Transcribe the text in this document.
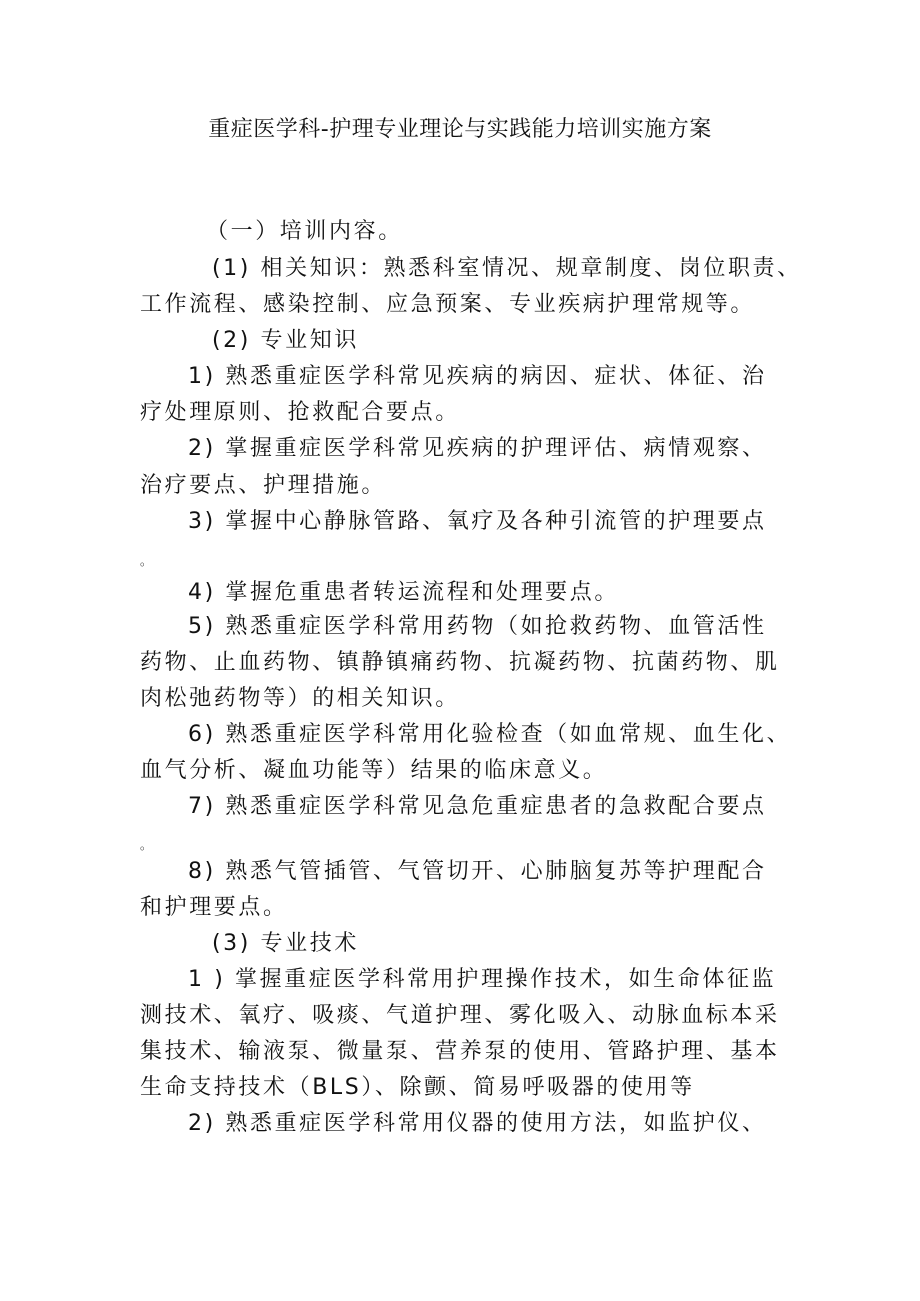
重症医学科-护理专业理论与实践能力培训实施方案
（一）培训内容。
(1) 相关知识：熟悉科室情况、规章制度、岗位职责、
工作流程、感染控制、应急预案、专业疾病护理常规等。
(2) 专业知识
1) 熟悉重症医学科常见疾病的病因、症状、体征、治
疗处理原则、抢救配合要点。
2) 掌握重症医学科常见疾病的护理评估、病情观察、
治疗要点、护理措施。
3) 掌握中心静脉管路、氧疗及各种引流管的护理要点
。
4) 掌握危重患者转运流程和处理要点。
5) 熟悉重症医学科常用药物（如抢救药物、血管活性
药物、止血药物、镇静镇痛药物、抗凝药物、抗菌药物、肌
肉松弛药物等）的相关知识。
6) 熟悉重症医学科常用化验检查（如血常规、血生化、
血气分析、凝血功能等）结果的临床意义。
7) 熟悉重症医学科常见急危重症患者的急救配合要点
。
8) 熟悉气管插管、气管切开、心肺脑复苏等护理配合
和护理要点。
(3) 专业技术
1 ) 掌握重症医学科常用护理操作技术，如生命体征监
测技术、氧疗、吸痰、气道护理、雾化吸入、动脉血标本采
集技术、输液泵、微量泵、营养泵的使用、管路护理、基本
生命支持技术（BLS）、除颤、简易呼吸器的使用等
2) 熟悉重症医学科常用仪器的使用方法，如监护仪、
